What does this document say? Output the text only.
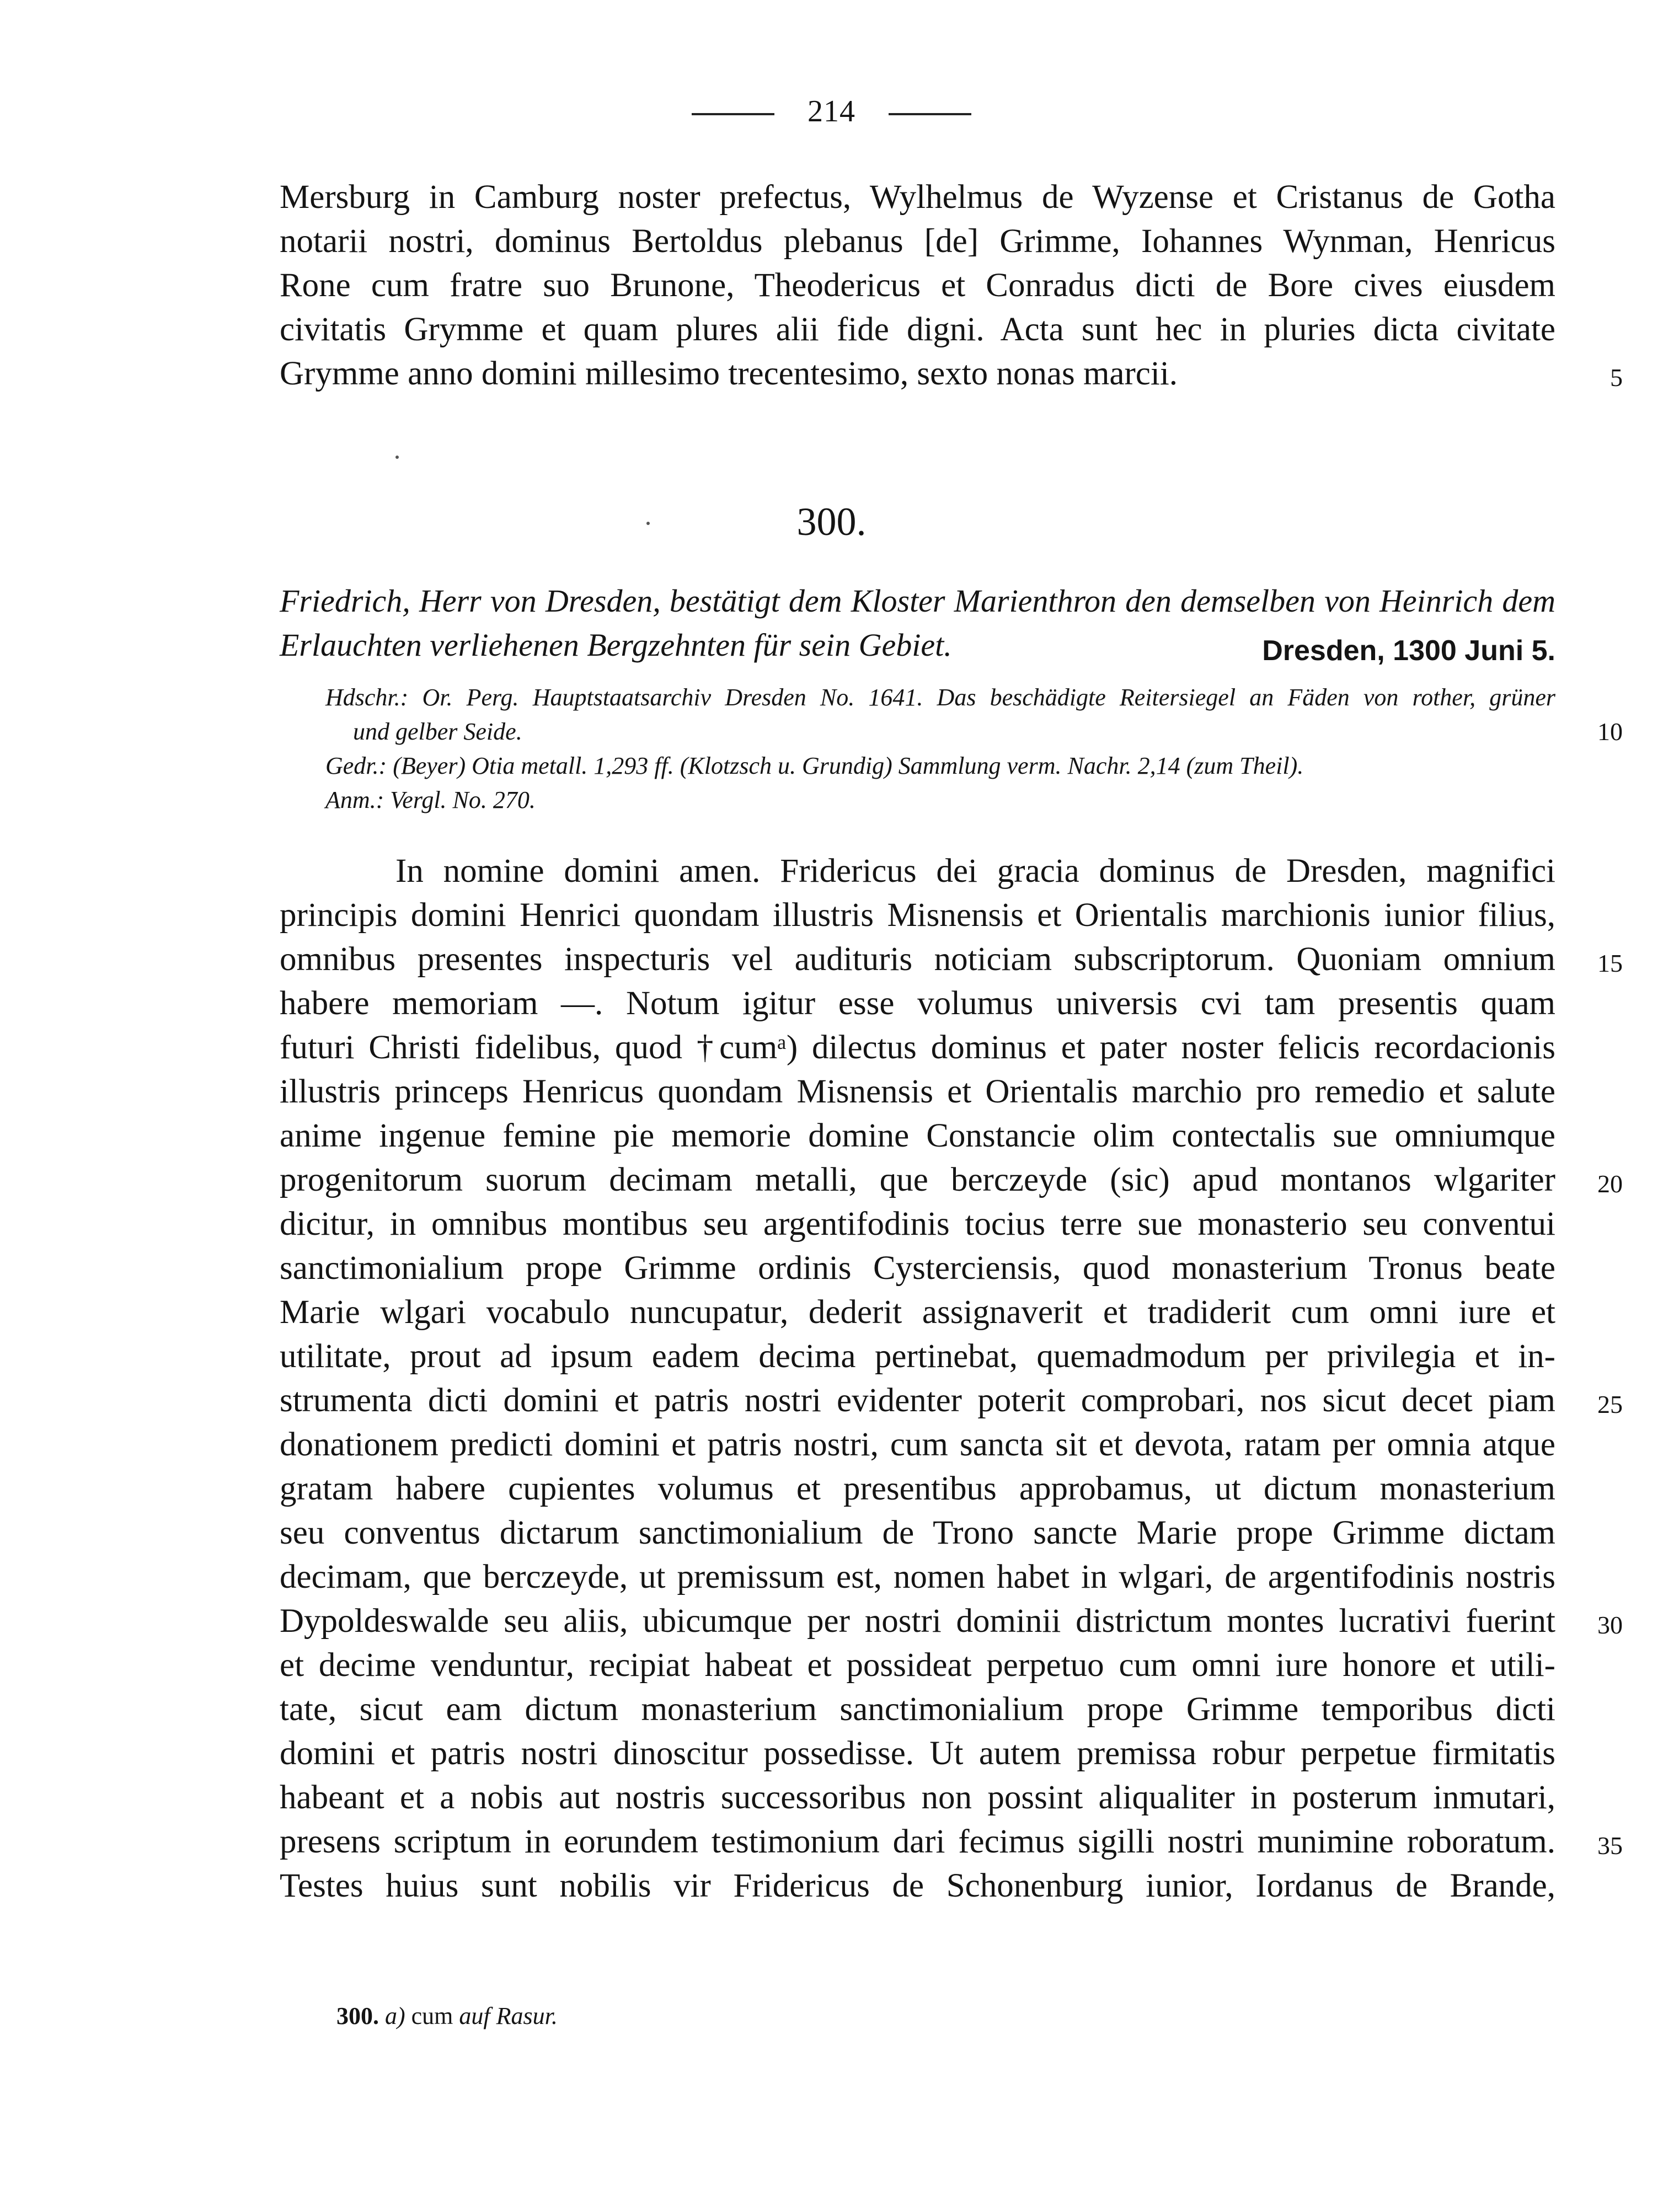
214
Mersburg in Camburg noster prefectus, Wylhelmus de Wyzense et Cristanus de Gotha
notarii nostri, dominus Bertoldus plebanus [de] Grimme, Iohannes Wynman, Henricus
Rone cum fratre suo Brunone, Theodericus et Conradus dicti de Bore cives eiusdem
civitatis Grymme et quam plures alii fide digni. Acta sunt hec in pluries dicta civitate
Grymme anno domini millesimo trecentesimo, sexto nonas marcii.	5
300.
Friedrich, Herr von Dresden, bestätigt dem Kloster Marienthron den demselben von Heinrich dem
Erlauchten verliehenen Bergzehnten für sein Gebiet.	Dresden, 1300 Juni 5.
Hdschr.: Or. Perg. Hauptstaatsarchiv Dresden No. 1641. Das beschädigte Reitersiegel an Fäden von rother, grüner
und gelber Seide.	10
Gedr.: (Beyer) Otia metall. 1,293 ff. (Klotzsch u. Grundig) Sammlung verm. Nachr. 2,14 (zum Theil).
Anm.: Vergl. No. 270.
In nomine domini amen. Fridericus dei gracia dominus de Dresden, magnifici
principis domini Henrici quondam illustris Misnensis et Orientalis marchionis iunior filius,
omnibus presentes inspecturis vel audituris noticiam subscriptorum. Quoniam omnium	15
habere memoriam —. Notum igitur esse volumus universis cvi tam presentis quam
futuri Christi fidelibus, quod †cumᵃ) dilectus dominus et pater noster felicis recordacionis
illustris princeps Henricus quondam Misnensis et Orientalis marchio pro remedio et salute
anime ingenue femine pie memorie domine Constancie olim contectalis sue omniumque
progenitorum suorum decimam metalli, que berczeyde (sic) apud montanos wlgariter	20
dicitur, in omnibus montibus seu argentifodinis tocius terre sue monasterio seu conventui
sanctimonialium prope Grimme ordinis Cysterciensis, quod monasterium Tronus beate
Marie wlgari vocabulo nuncupatur, dederit assignaverit et tradiderit cum omni iure et
utilitate, prout ad ipsum eadem decima pertinebat, quemadmodum per privilegia et in-
strumenta dicti domini et patris nostri evidenter poterit comprobari, nos sicut decet piam	25
donationem predicti domini et patris nostri, cum sancta sit et devota, ratam per omnia atque
gratam habere cupientes volumus et presentibus approbamus, ut dictum monasterium
seu conventus dictarum sanctimonialium de Trono sancte Marie prope Grimme dictam
decimam, que berczeyde, ut premissum est, nomen habet in wlgari, de argentifodinis nostris
Dypoldeswalde seu aliis, ubicumque per nostri dominii districtum montes lucrativi fuerint	30
et decime venduntur, recipiat habeat et possideat perpetuo cum omni iure honore et utili-
tate, sicut eam dictum monasterium sanctimonialium prope Grimme temporibus dicti
domini et patris nostri dinoscitur possedisse. Ut autem premissa robur perpetue firmitatis
habeant et a nobis aut nostris successoribus non possint aliqualiter in posterum inmutari,
presens scriptum in eorundem testimonium dari fecimus sigilli nostri munimine roboratum.	35
Testes huius sunt nobilis vir Fridericus de Schonenburg iunior, Iordanus de Brande,
300. a) cum auf Rasur.
